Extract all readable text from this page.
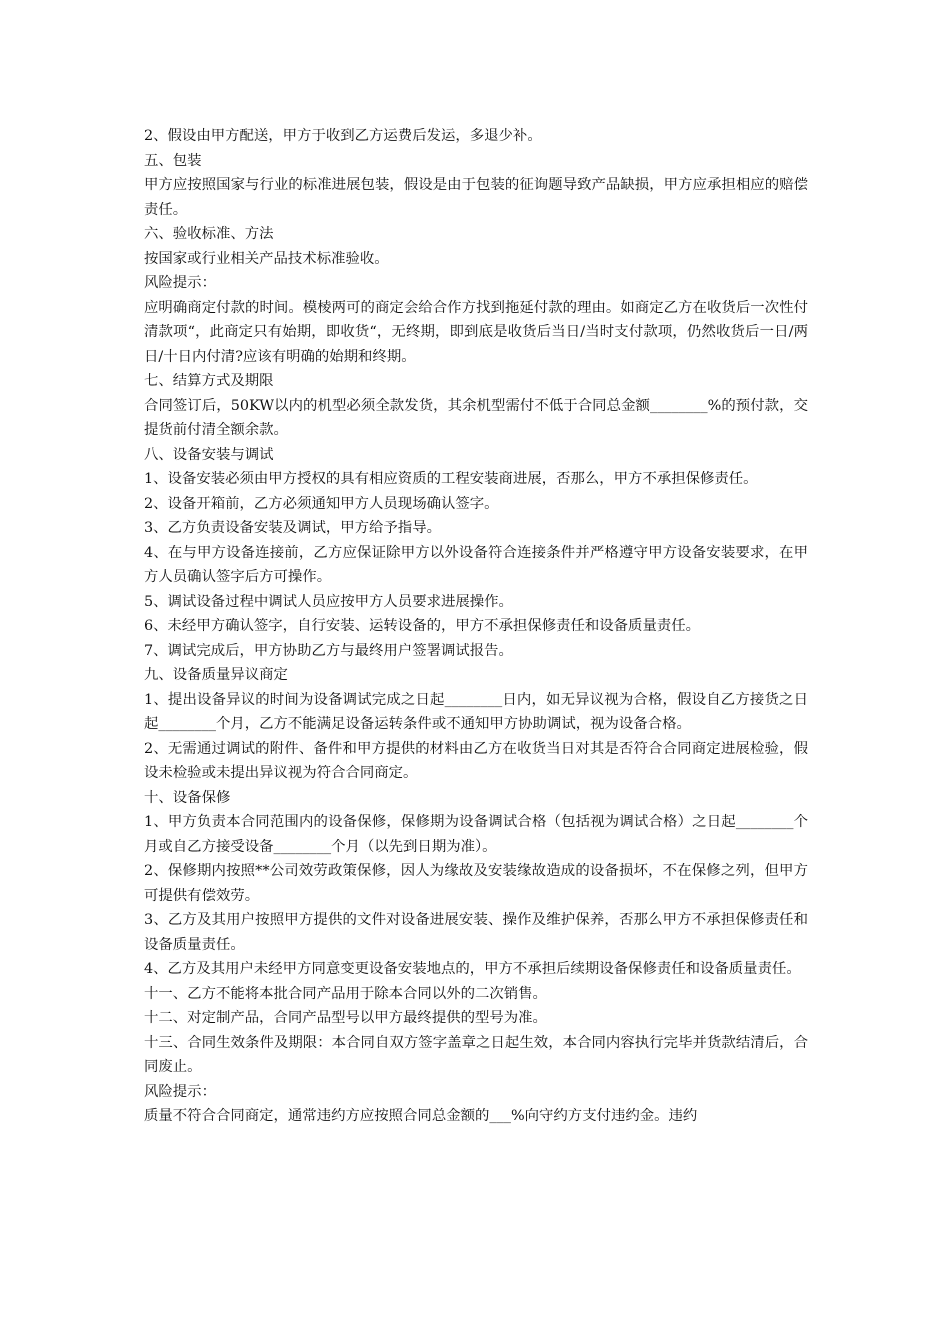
2、假设由甲方配送，甲方于收到乙方运费后发运，多退少补。

五、包装

甲方应按照国家与行业的标准进展包装，假设是由于包装的征询题导致产品缺损，甲方应承担相应的赔偿责任。

六、验收标准、方法

按国家或行业相关产品技术标准验收。

风险提示：

应明确商定付款的时间。模棱两可的商定会给合作方找到拖延付款的理由。如商定乙方在收货后一次性付清款项“，此商定只有始期，即收货“，无终期，即到底是收货后当日/当时支付款项，仍然收货后一日/两日/十日内付清?应该有明确的始期和终期。

七、结算方式及期限

合同签订后，50KW以内的机型必须全款发货，其余机型需付不低于合同总金额________%的预付款，交提货前付清全额余款。

八、设备安装与调试

1、设备安装必须由甲方授权的具有相应资质的工程安装商进展，否那么，甲方不承担保修责任。

2、设备开箱前，乙方必须通知甲方人员现场确认签字。

3、乙方负责设备安装及调试，甲方给予指导。

4、在与甲方设备连接前，乙方应保证除甲方以外设备符合连接条件并严格遵守甲方设备安装要求，在甲方人员确认签字后方可操作。

5、调试设备过程中调试人员应按甲方人员要求进展操作。

6、未经甲方确认签字，自行安装、运转设备的，甲方不承担保修责任和设备质量责任。

7、调试完成后，甲方协助乙方与最终用户签署调试报告。

九、设备质量异议商定

1、提出设备异议的时间为设备调试完成之日起________日内，如无异议视为合格，假设自乙方接货之日起________个月，乙方不能满足设备运转条件或不通知甲方协助调试，视为设备合格。

2、无需通过调试的附件、备件和甲方提供的材料由乙方在收货当日对其是否符合合同商定进展检验，假设未检验或未提出异议视为符合合同商定。

十、设备保修

1、甲方负责本合同范围内的设备保修，保修期为设备调试合格（包括视为调试合格）之日起________个月或自乙方接受设备________个月（以先到日期为准）。

2、保修期内按照**公司效劳政策保修，因人为缘故及安装缘故造成的设备损坏，不在保修之列，但甲方可提供有偿效劳。

3、乙方及其用户按照甲方提供的文件对设备进展安装、操作及维护保养，否那么甲方不承担保修责任和设备质量责任。

4、乙方及其用户未经甲方同意变更设备安装地点的，甲方不承担后续期设备保修责任和设备质量责任。

十一、乙方不能将本批合同产品用于除本合同以外的二次销售。

十二、对定制产品，合同产品型号以甲方最终提供的型号为准。

十三、合同生效条件及期限：本合同自双方签字盖章之日起生效，本合同内容执行完毕并货款结清后，合同废止。

风险提示：

质量不符合合同商定，通常违约方应按照合同总金额的___%向守约方支付违约金。违约
